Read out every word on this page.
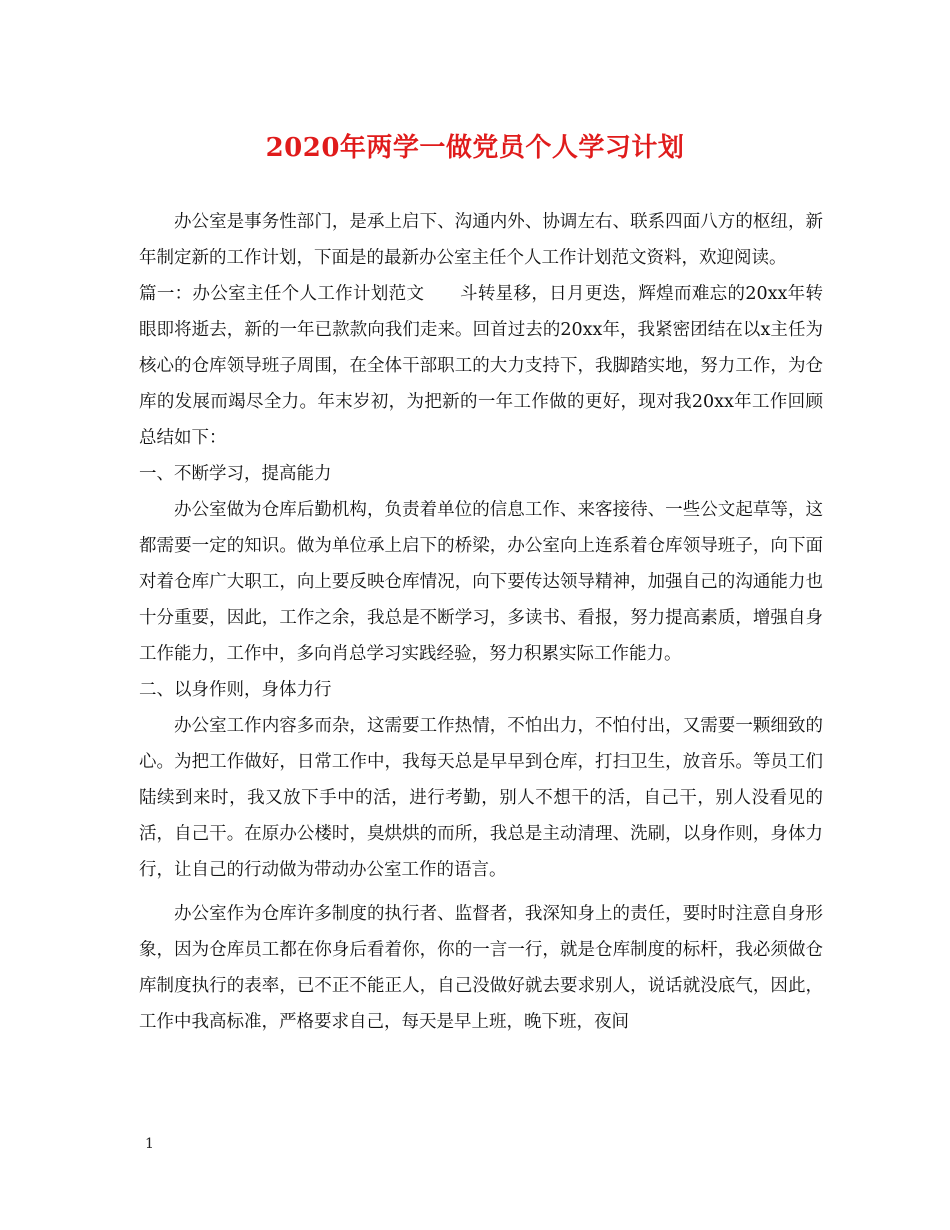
2020年两学一做党员个人学习计划

办公室是事务性部门，是承上启下、沟通内外、协调左右、联系四面八方的枢纽，新年制定新的工作计划，下面是的最新办公室主任个人工作计划范文资料，欢迎阅读。

篇一：办公室主任个人工作计划范文　　斗转星移，日月更迭，辉煌而难忘的20xx年转眼即将逝去，新的一年已款款向我们走来。回首过去的20xx年，我紧密团结在以x主任为核心的仓库领导班子周围，在全体干部职工的大力支持下，我脚踏实地，努力工作，为仓库的发展而竭尽全力。年末岁初，为把新的一年工作做的更好，现对我20xx年工作回顾总结如下：

一、不断学习，提高能力

办公室做为仓库后勤机构，负责着单位的信息工作、来客接待、一些公文起草等，这都需要一定的知识。做为单位承上启下的桥梁，办公室向上连系着仓库领导班子，向下面对着仓库广大职工，向上要反映仓库情况，向下要传达领导精神，加强自己的沟通能力也十分重要，因此，工作之余，我总是不断学习，多读书、看报，努力提高素质，增强自身工作能力，工作中，多向肖总学习实践经验，努力积累实际工作能力。

二、以身作则，身体力行

办公室工作内容多而杂，这需要工作热情，不怕出力，不怕付出，又需要一颗细致的心。为把工作做好，日常工作中，我每天总是早早到仓库，打扫卫生，放音乐。等员工们陆续到来时，我又放下手中的活，进行考勤，别人不想干的活，自己干，别人没看见的活，自己干。在原办公楼时，臭烘烘的而所，我总是主动清理、洗刷，以身作则，身体力行，让自己的行动做为带动办公室工作的语言。

办公室作为仓库许多制度的执行者、监督者，我深知身上的责任，要时时注意自身形象，因为仓库员工都在你身后看着你，你的一言一行，就是仓库制度的标杆，我必须做仓库制度执行的表率，已不正不能正人，自己没做好就去要求别人，说话就没底气，因此，工作中我高标准，严格要求自己，每天是早上班，晚下班，夜间

1
